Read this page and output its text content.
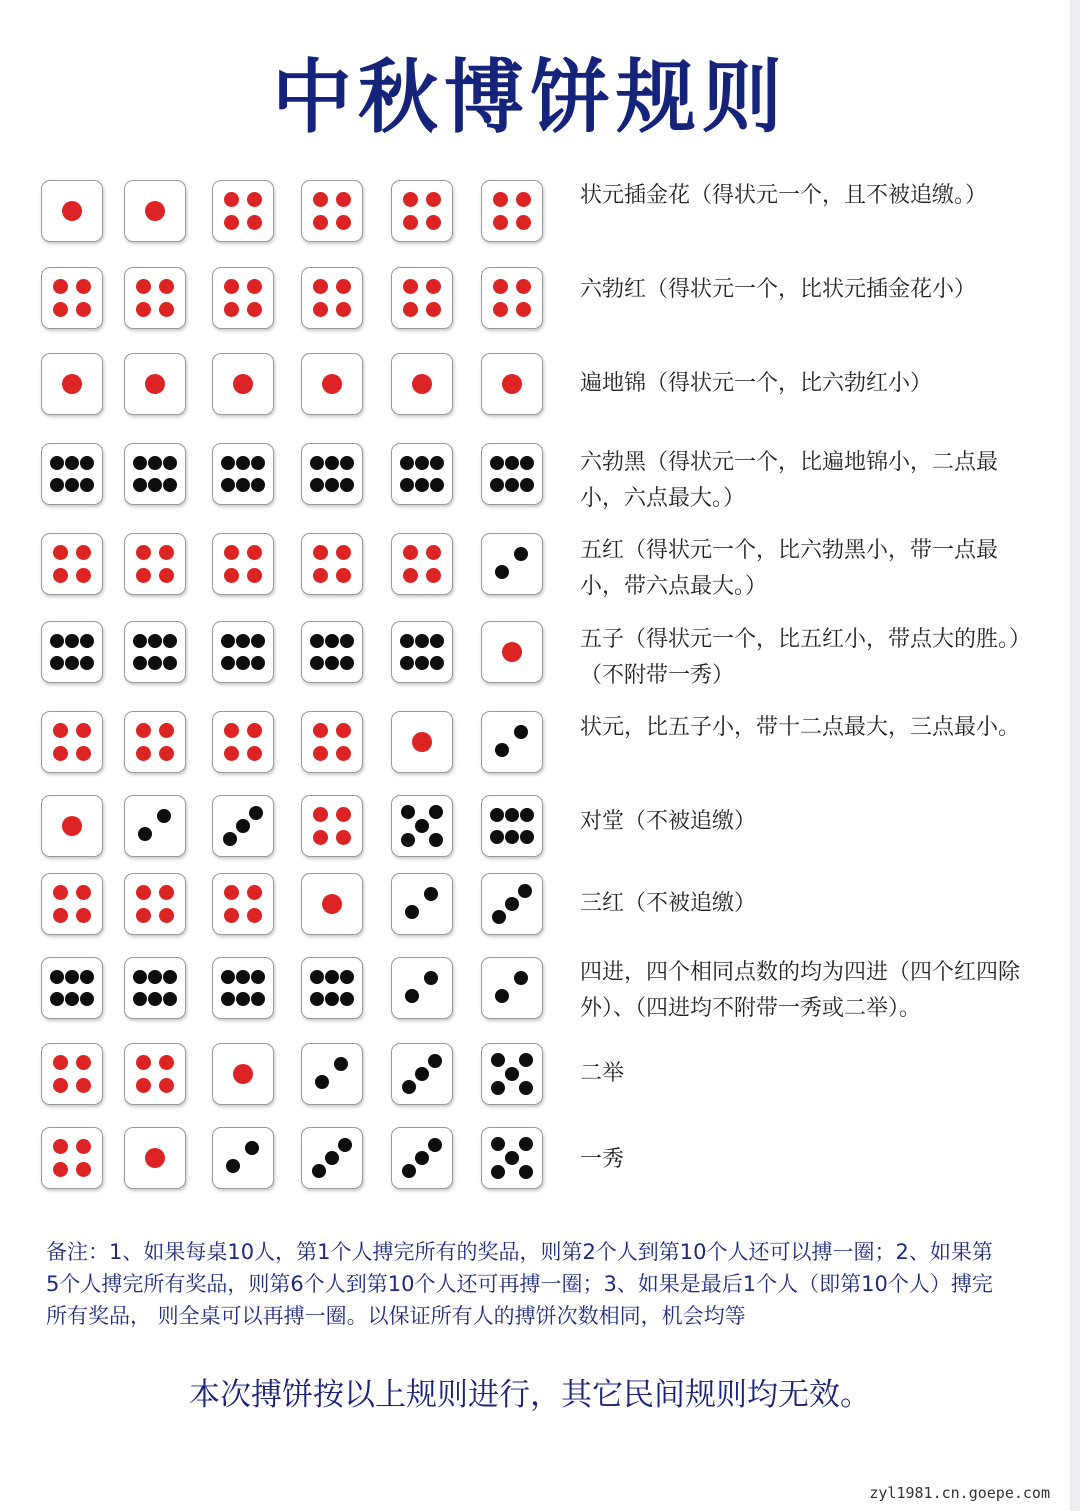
中秋博饼规则
状元插金花（得状元一个，且不被追缴。）
六勃红（得状元一个，比状元插金花小）
遍地锦（得状元一个，比六勃红小）
六勃黑（得状元一个，比遍地锦小，二点最小，六点最大。）
五红（得状元一个，比六勃黑小，带一点最小，带六点最大。）
五子（得状元一个，比五红小，带点大的胜。）（不附带一秀）
状元，比五子小，带十二点最大，三点最小。
对堂（不被追缴）
三红（不被追缴）
四进，四个相同点数的均为四进（四个红四除外）、（四进均不附带一秀或二举）。
二举
一秀
备注：1、如果每桌10人，第1个人搏完所有的奖品，则第2个人到第10个人还可以搏一圈；2、如果第5个人搏完所有奖品，则第6个人到第10个人还可再搏一圈；3、如果是最后1个人（即第10个人）搏完所有奖品， 则全桌可以再搏一圈。以保证所有人的搏饼次数相同，机会均等
本次搏饼按以上规则进行，其它民间规则均无效。
zyl1981.cn.goepe.com
